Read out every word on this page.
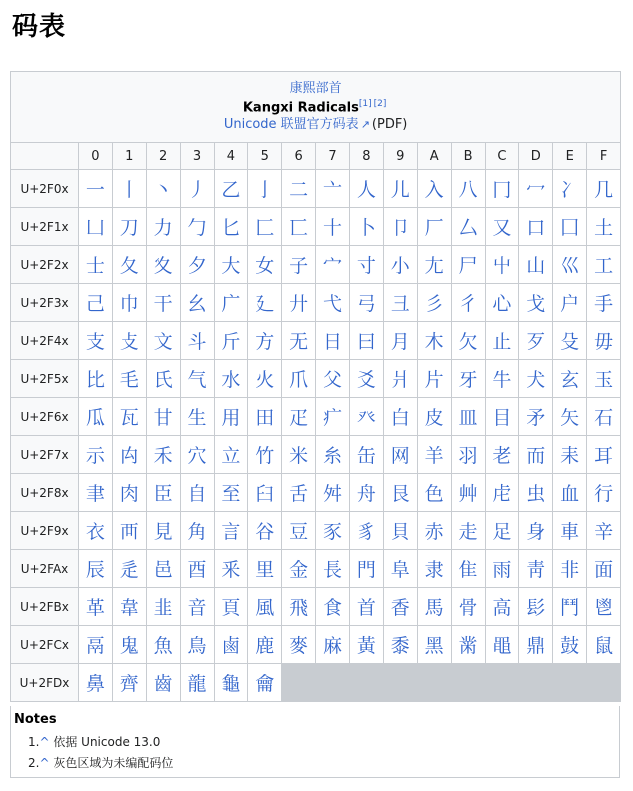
码表
康熙部首
Kangxi Radicals[1] [2]
Unicode 联盟官方码表 ↗ (PDF)																

	0	1	2	3	4	5	6	7	8	9	A	B	C	D	E	F
U+2F0x	⼀	⼁	⼂	⼃	⼄	⼅	⼆	⼇	⼈	⼉	⼊	⼋	⼌	⼍	⼎	⼏
U+2F1x	⼐	⼑	⼒	⼓	⼔	⼕	⼖	⼗	⼘	⼙	⼚	⼛	⼜	⼝	⼞	⼟
U+2F2x	⼠	⼡	⼢	⼣	⼤	⼥	⼦	⼧	⼨	⼩	⼪	⼫	⼬	⼭	⼮	⼯
U+2F3x	⼰	⼱	⼲	⼳	⼴	⼵	⼶	⼷	⼸	⼹	⼺	⼻	⼼	⼽	⼾	⼿
U+2F4x	⽀	⽁	⽂	⽃	⽄	⽅	⽆	⽇	⽈	⽉	⽊	⽋	⽌	⽍	⽎	⽏
U+2F5x	⽐	⽑	⽒	⽓	⽔	⽕	⽖	⽗	⽘	⽙	⽚	⽛	⽜	⽝	⽞	⽟
U+2F6x	⽠	⽡	⽢	⽣	⽤	⽥	⽦	⽧	⽨	⽩	⽪	⽫	⽬	⽭	⽮	⽯
U+2F7x	⽰	⽱	⽲	⽳	⽴	⽵	⽶	⽷	⽸	⽹	⽺	⽻	⽼	⽽	⽾	⽿
U+2F8x	⾀	⾁	⾂	⾃	⾄	⾅	⾆	⾇	⾈	⾉	⾊	⾋	⾌	⾍	⾎	⾏
U+2F9x	⾐	⾑	⾒	⾓	⾔	⾕	⾖	⾗	⾘	⾙	⾚	⾛	⾜	⾝	⾞	⾟
U+2FAx	⾠	⾡	⾢	⾣	⾤	⾥	⾦	⾧	⾨	⾩	⾪	⾫	⾬	⾭	⾮	⾯
U+2FBx	⾰	⾱	⾲	⾳	⾴	⾵	⾶	⾷	⾸	⾹	⾺	⾻	⾼	⾽	⾾	⾿
U+2FCx	⿀	⿁	⿂	⿃	⿄	⿅	⿆	⿇	⿈	⿉	⿊	⿋	⿌	⿍	⿎	⿏
U+2FDx	⿐	⿑	⿒	⿓	⿔	⿕										
Notes
1.^ 依据 Unicode 13.0
2.^ 灰色区域为未编配码位
